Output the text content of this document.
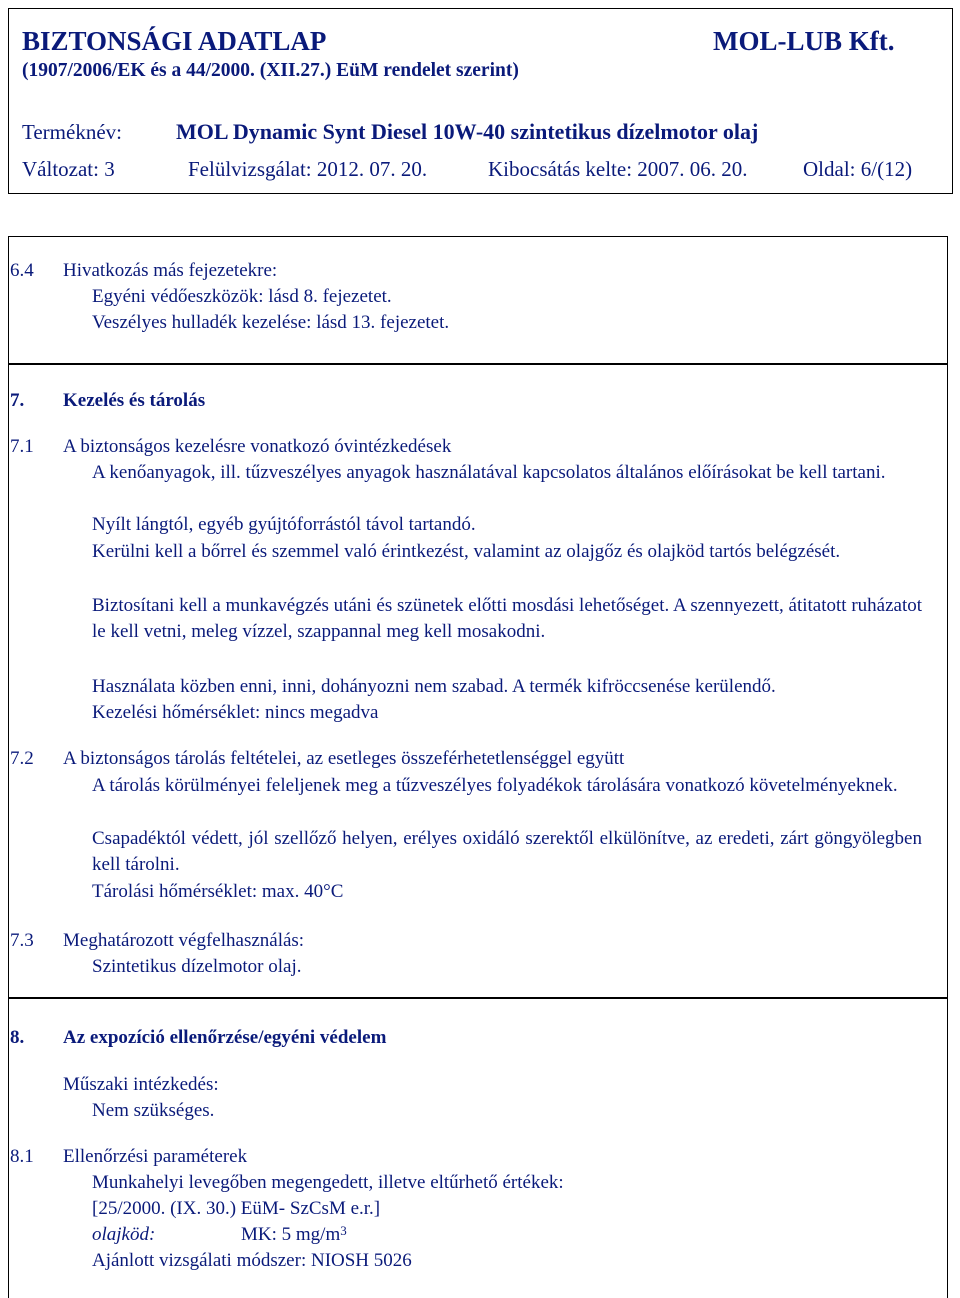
BIZTONSÁGI ADATLAP	MOL-LUB Kft.
(1907/2006/EK és a 44/2000. (XII.27.) EüM rendelet szerint)
Terméknév: MOL Dynamic Synt Diesel 10W-40 szintetikus dízelmotor olaj
Változat: 3	Felülvizsgálat: 2012. 07. 20.	Kibocsátás kelte: 2007. 06. 20.	Oldal: 6/(12)
6.4 Hivatkozás más fejezetekre:
Egyéni védőeszközök: lásd 8. fejezetet.
Veszélyes hulladék kezelése: lásd 13. fejezetet.
7. Kezelés és tárolás
7.1 A biztonságos kezelésre vonatkozó óvintézkedések
A kenőanyagok, ill. tűzveszélyes anyagok használatával kapcsolatos általános előírásokat be kell tartani.
Nyílt lángtól, egyéb gyújtóforrástól távol tartandó.
Kerülni kell a bőrrel és szemmel való érintkezést, valamint az olajgőz és olajköd tartós belégzését.
Biztosítani kell a munkavégzés utáni és szünetek előtti mosdási lehetőséget. A szennyezett, átitatott ruházatot le kell vetni, meleg vízzel, szappannal meg kell mosakodni.
Használata közben enni, inni, dohányozni nem szabad. A termék kifröccsenése kerülendő.
Kezelési hőmérséklet: nincs megadva
7.2 A biztonságos tárolás feltételei, az esetleges összeférhetetlenséggel együtt
A tárolás körülményei feleljenek meg a tűzveszélyes folyadékok tárolására vonatkozó követelményeknek.
Csapadéktól védett, jól szellőző helyen, erélyes oxidáló szerektől elkülönítve, az eredeti, zárt göngyölegben kell tárolni.
Tárolási hőmérséklet: max. 40°C
7.3 Meghatározott végfelhasználás:
Szintetikus dízelmotor olaj.
8. Az expozíció ellenőrzése/egyéni védelem
Műszaki intézkedés:
Nem szükséges.
8.1 Ellenőrzési paraméterek
Munkahelyi levegőben megengedett, illetve eltűrhető értékek:
[25/2000. (IX. 30.) EüM- SzCsM e.r.]
olajköd:	MK: 5 $mg/m^3$
Ajánlott vizsgálati módszer: NIOSH 5026
